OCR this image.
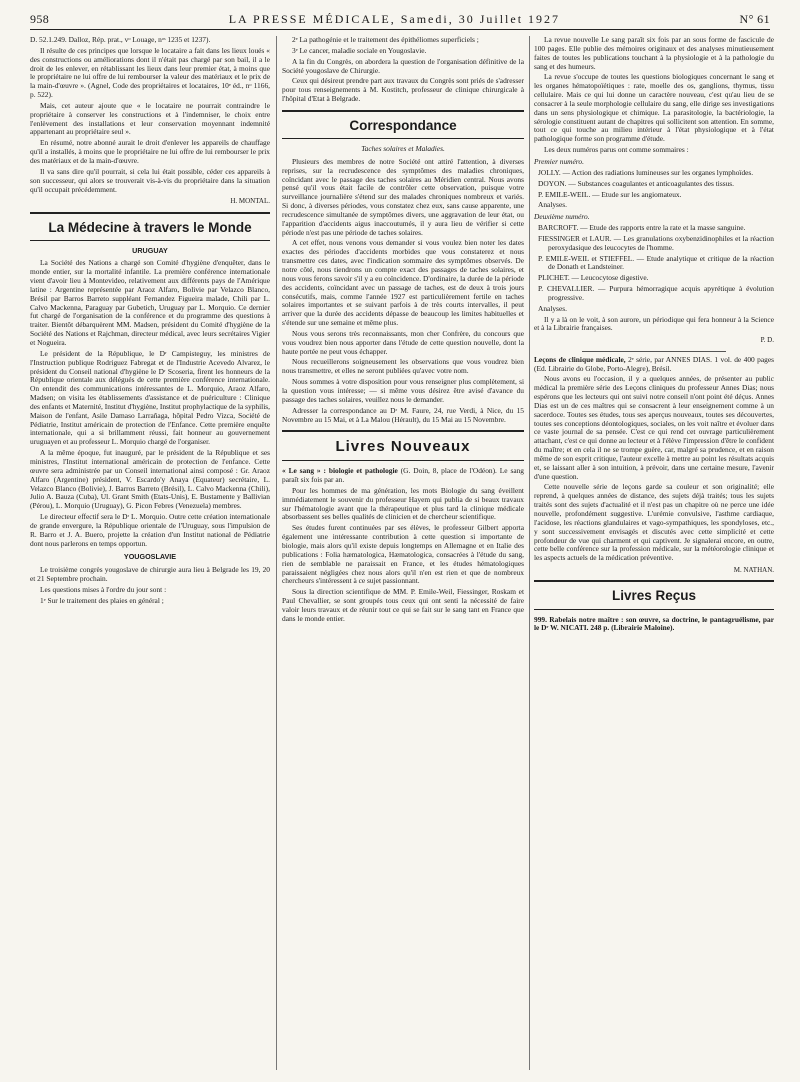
958	LA PRESSE MÉDICALE, Samedi, 30 Juillet 1927	N° 61

D. 52.1.249. Dalloz, Rép. prat., vᵒ Louage, nᵒˢ 1235 et 1237).

Il résulte de ces principes que lorsque le locataire a fait dans les lieux loués « des constructions ou améliorations dont il n'était pas chargé par son bail, il a le droit de les enlever, en rétablissant les lieux dans leur premier état, à moins que le propriétaire ne lui offre de lui rembourser la valeur des matériaux et le prix de la main-d'œuvre ». (Agnel, Code des propriétaires et locataires, 10ᵉ éd., nᵒ 1166, p. 522).

Mais, cet auteur ajoute que « le locataire ne pourrait contraindre le propriétaire à conserver les constructions et à l'indemniser, le choix entre l'enlèvement des installations et leur conservation moyennant indemnité appartenant au propriétaire seul ».

En résumé, notre abonné aurait le droit d'enlever les appareils de chauffage qu'il a installés, à moins que le propriétaire ne lui offre de lui rembourser le prix des matériaux et de la main-d'œuvre.

Il va sans dire qu'il pourrait, si cela lui était possible, céder ces appareils à son successeur, qui alors se trouverait vis-à-vis du propriétaire dans la situation qu'il occupait précédemment.

H. MONTAL.
La Médecine à travers le Monde
URUGUAY

La Société des Nations a chargé son Comité d'hygiène d'enquêter, dans le monde entier, sur la mortalité infantile. La première conférence internationale vient d'avoir lieu à Montevideo, relativement aux différents pays de l'Amérique latine : Argentine représentée par Araoz Alfaro, Bolivie par Velazco Blanco, Brésil par Barros Barreto suppléant Fernandez Figueira malade, Chili par L. Calvo Mackenna, Paraguay par Gubetich, Uruguay par L. Morquio. Ce dernier fut chargé de l'organisation de la conférence et du programme des questions à traiter. Bientôt débarquèrent MM. Madsen, président du Comité d'hygiène de la Société des Nations et Rajchman, directeur médical, avec leurs secrétaires Vigier et Nogueira.

Le président de la République, le Dʳ Campisteguy, les ministres de l'Instruction publique Rodriguez Fabregat et de l'Industrie Acevedo Alvarez, le président du Conseil national d'hygiène le Dʳ Scoseria, firent les honneurs de la République orientale aux délégués de cette première conférence internationale. On entendit des communications intéressantes de L. Morquio, Araoz Alfaro, Madsen; on visita les établissements d'assistance et de puériculture : Clinique des enfants et Maternité, Institut d'hygiène, Institut prophylactique de la syphilis, Maison de l'enfant, Asile Damaso Larrañaga, hôpital Pedro Vizca, Société de Pédiatrie, Institut américain de protection de l'Enfance. Cette première enquête internationale, qui a si brillamment réussi, fait honneur au gouvernement uruguayen et au professeur L. Morquio chargé de l'organiser.

A la même époque, fut inauguré, par le président de la République et ses ministres, l'Institut international américain de protection de l'enfance. Cette œuvre sera administrée par un Conseil international ainsi composé : Gr. Araoz Alfaro (Argentine) président, V. Escardo'y Anaya (Equateur) secrétaire, L. Velazco Blanco (Bolivie), J. Barros Barreto (Brésil), L. Calvo Mackenna (Chili), Julio A. Bauza (Cuba), Ul. Grant Smith (Etats-Unis), E. Bustamente y Ballivian (Pérou), L. Morquio (Uruguay), G. Picon Febres (Venezuela) membres.

Le directeur effectif sera le Dʳ L. Morquio. Outre cette création internationale de grande envergure, la République orientale de l'Uruguay, sous l'impulsion de R. Barro et J. A. Buero, projette la création d'un Institut national de Pédiatrie dont nous parlerons en temps opportun.

YOUGOSLAVIE

Le troisième congrès yougoslave de chirurgie aura lieu à Belgrade les 19, 20 et 21 Septembre prochain.

Les questions mises à l'ordre du jour sont :

1ᵉ Sur le traitement des plaies en général ;

2ᵉ La pathogénie et le traitement des épithéliomes superficiels ;

3ᵉ Le cancer, maladie sociale en Yougoslavie.

A la fin du Congrès, on abordera la question de l'organisation définitive de la Société yougoslave de Chirurgie.

Ceux qui désireut prendre part aux travaux du Congrès sont priés de s'adresser pour tous renseignements à M. Kostitch, professeur de clinique chirurgicale à l'hôpital d'Etat à Belgrade.

Correspondance
Taches solaires et Maladies.

Plusieurs des membres de notre Société ont attiré l'attention, à diverses reprises, sur la recrudescence des symptômes des maladies chroniques, coïncidant avec le passage des taches solaires au Méridien central. Nous avons pensé qu'il vous était facile de contrôler cette observation, puisque votre surveillance journalière s'étend sur des malades chroniques nombreux et variés. Si donc, à diverses périodes, vous constatez chez eux, sans cause apparente, une recrudescence simultanée de symptômes divers, une aggravation de leur état, ou l'apparition d'accidents aigus inaccoutumés, il y aura lieu de vérifier si cette période n'est pas une période de taches solaires.

A cet effet, nous venons vous demander si vous voulez bien noter les dates exactes des périodes d'accidents morbides que vous constaterez et nous transmettre ces dates, avec l'indication sommaire des symptômes observés. De notre côté, nous tiendrons un compte exact des passages de taches solaires, et nous vous ferons savoir s'il y a eu coïncidence. D'ordinaire, la durée de la période des accidents, coïncidant avec un passage de taches, est de deux à trois jours consécutifs, mais, comme l'année 1927 est particulièrement fertile en taches solaires importantes et se suivant parfois à de très courts intervalles, il peut arriver que la durée des accidents dépasse de beaucoup les limites habituelles et s'étende sur une semaine et même plus.

Nous vous serons très reconnaissants, mon cher Confrère, du concours que vous voudrez bien nous apporter dans l'étude de cette question nouvelle, dont la haute portée ne peut vous échapper.

Nous recueillerons soigneusement les observations que vous voudrez bien nous transmettre, et elles ne seront publiées qu'avec votre nom.

Nous sommes à votre disposition pour vous renseigner plus complètement, si la question vous intéresse; — si même vous désirez être avisé d'avance du passage des taches solaires, veuillez nous le demander.

Adresser la correspondance au Dʳ M. Faure, 24, rue Verdi, à Nice, du 15 Novembre au 15 Mai, et à La Malou (Hérault), du 15 Mai au 15 Novembre.

Livres Nouveaux

« Le sang » : biologie et pathologie (G. Doin, 8, place de l'Odéon). Le sang paraît six fois par an.

Pour les hommes de ma génération, les mots Biologie du sang éveillent immédiatement le souvenir du professeur Hayem qui publia de si beaux travaux sur l'hématologie avant que la thérapeutique et plus tard la clinique médicale absorbassent ses belles qualités de clinicien et de chercheur scientifique.

Ses études furent continuées par ses élèves, le professeur Gilbert apporta également une intéressante contribution à cette question si importante de biologie, mais alors qu'il existe depuis longtemps en Allemagne et en Italie des publications : Folia hæmatologica, Hæmatologica, consacrées à l'étude du sang, rien de semblable ne paraissait en France, et les études hématologiques paraissaient négligées chez nous alors qu'il n'en est rien et que de nombreux chercheurs s'intéressent à ce sujet passionnant.

Sous la direction scientifique de MM. P. Emile-Weil, Fiessinger, Roskam et Paul Chevallier, se sont groupés tous ceux qui ont senti la nécessité de faire valoir leurs travaux et de réunir tout ce qui se fait sur le sang tant en France que dans le monde entier.

La revue nouvelle Le sang paraît six fois par an sous forme de fascicule de 100 pages. Elle publie des mémoires originaux et des analyses minutieusement faites de toutes les publications touchant à la physiologie et à la pathologie du sang et des humeurs.

La revue s'occupe de toutes les questions biologiques concernant le sang et les organes hématopoïétiques : rate, moelle des os, ganglions, thymus, tissu cellulaire. Mais ce qui lui donne un caractère nouveau, c'est qu'au lieu de se consacrer à la seule morphologie cellulaire du sang, elle dirige ses investigations dans un sens physiologique et chimique. La parasitologie, la bactériologie, la sérologie constituent autant de chapitres qui sollicitent son attention. En somme, tout ce qui touche au milieu intérieur à l'état physiologique et à l'état pathologique forme son programme d'étude.

Les deux numéros parus ont comme sommaires :

Premier numéro.
JOLLY. — Action des radiations lumineuses sur les organes lymphoïdes.
DOYON. — Substances coagulantes et anticoagulantes des tissus.
P. EMILE-WEIL. — Etude sur les angiomateux.
Analyses.
Deuxième numéro.
BARCROFT. — Etude des rapports entre la rate et la masse sanguine.
FIESSINGER et LAUR. — Les granulations oxybenzidinophiles et la réaction peroxydasique des leucocytes de l'homme.
P. EMILE-WEIL et STIEFFEL. — Etude analytique et critique de la réaction de Donath et Landsteiner.
PLICHET. — Leucocytose digestive.
P. CHEVALLIER. — Purpura hémorragique acquis apyrétique à évolution progressive.
Analyses.

Il y a là on le voit, à son aurore, un périodique qui fera honneur à la Science et à la Librairie françaises.

P. D.

Leçons de clinique médicale, 2ᵉ série, par ANNES DIAS. 1 vol. de 400 pages (Ed. Librairie do Globe, Porto-Alegre), Brésil.

Nous avons eu l'occasion, il y a quelques années, de présenter au public médical la première série des Leçons cliniques du professeur Annes Dias; nous espérons que les lecteurs qui ont suivi notre conseil n'ont point été déçus. Annes Dias est un de ces maîtres qui se consacrent à leur enseignement comme à un sacerdoce. Toutes ses études, tous ses aperçus nouveaux, toutes ses découvertes, toutes ses conceptions déontologiques, sociales, on les voit naître et évoluer dans ce vaste journal de sa pensée. C'est ce qui rend cet ouvrage particulièrement attachant, c'est ce qui donne au lecteur et à l'élève l'impression d'être le confident du maître; et en cela il ne se trompe guère, car, malgré sa prudence, et en raison même de son esprit critique, l'auteur excelle à mettre au point les résultats acquis et, se laissant aller à son intuition, à prévoir, dans une certaine mesure, l'avenir d'une question.

Cette nouvelle série de leçons garde sa couleur et son originalité; elle reprend, à quelques années de distance, des sujets déjà traités; tous les sujets traités sont des sujets d'actualité et il n'est pas un chapitre où ne perce une idée nouvelle, profondément suggestive. L'urémie convulsive, l'asthme cardiaque, l'acidose, les réactions glandulaires et vago-sympathiques, les spondyloses, etc., y sont successivement envisagés et discutés avec cette simplicité et cette profondeur de vue qui charment et qui captivent. Je signalerai encore, en outre, cette belle conférence sur la profession médicale, sur la météorologie clinique et les aspects actuels de la médication préventive.

M. NATHAN.
Livres Reçus

999. Rabelais notre maître : son œuvre, sa doctrine, le pantagruélisme, par le Dʳ W. NICATI. 248 p. (Librairie Maloine).
